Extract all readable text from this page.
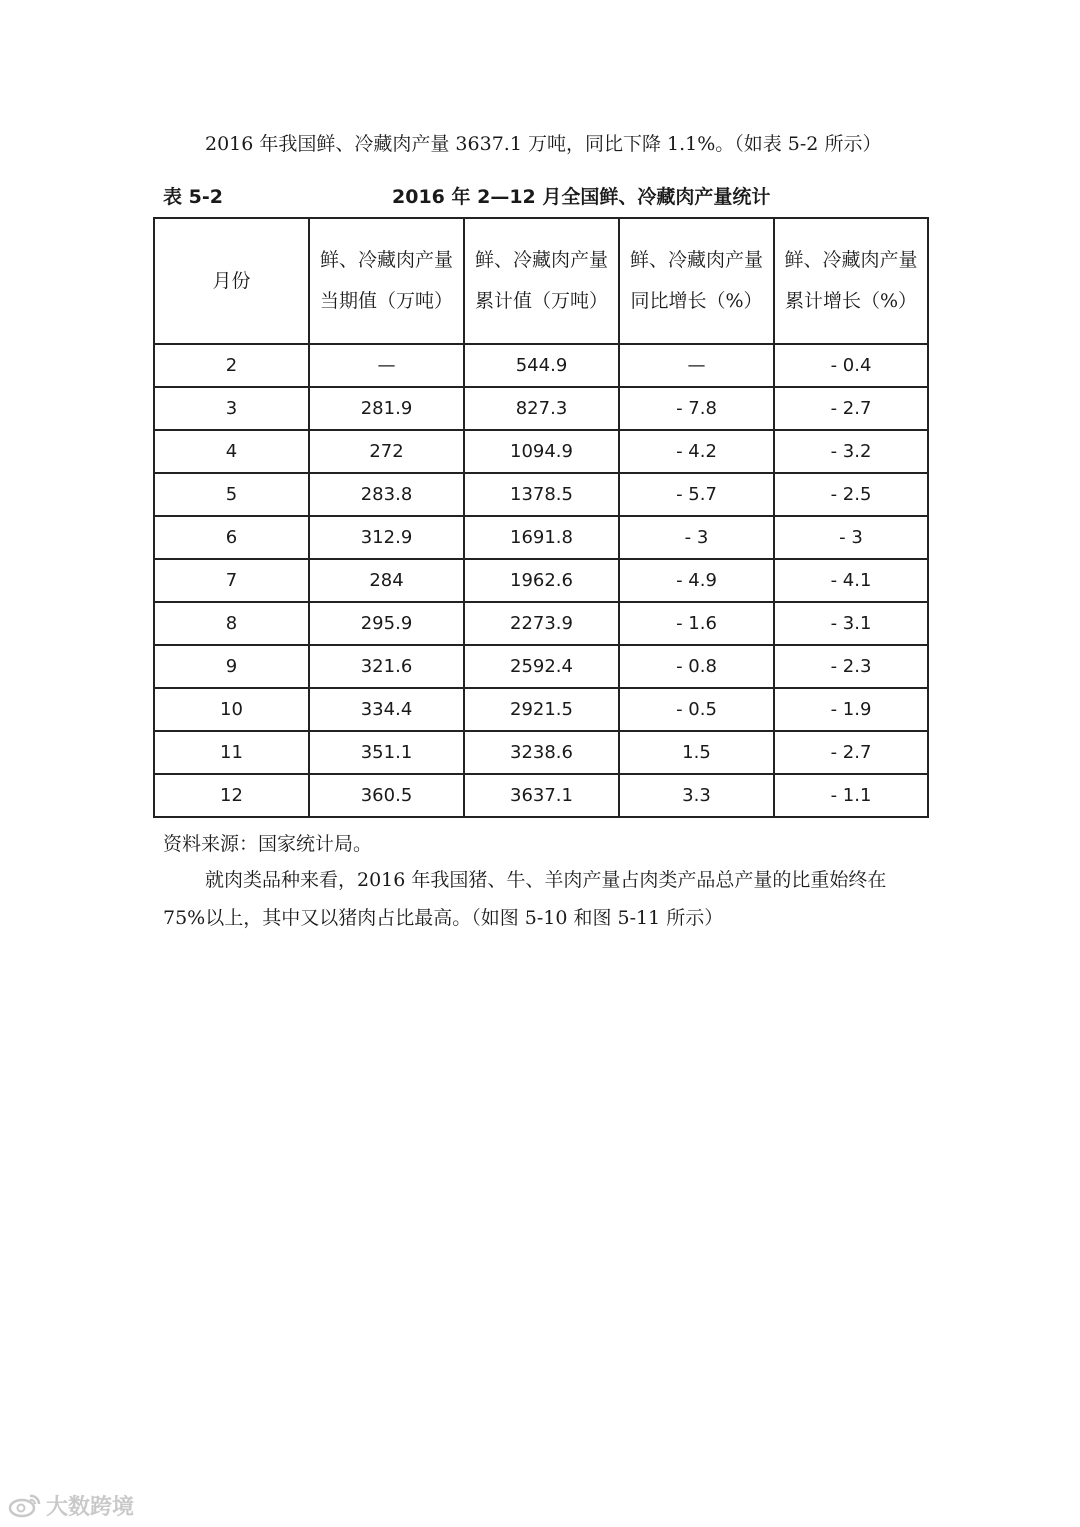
2016 年我国鲜、冷藏肉产量 3637.1 万吨，同比下降 1.1%。（如表 5-2 所示）

表 5-2	2016 年 2—12 月全国鲜、冷藏肉产量统计
月份	鲜、冷藏肉产量当期值（万吨）	鲜、冷藏肉产量累计值（万吨）	鲜、冷藏肉产量同比增长（%）	鲜、冷藏肉产量累计增长（%）
2	—	544.9	—	- 0.4
3	281.9	827.3	- 7.8	- 2.7
4	272	1094.9	- 4.2	- 3.2
5	283.8	1378.5	- 5.7	- 2.5
6	312.9	1691.8	- 3	- 3
7	284	1962.6	- 4.9	- 4.1
8	295.9	2273.9	- 1.6	- 3.1
9	321.6	2592.4	- 0.8	- 2.3
10	334.4	2921.5	- 0.5	- 1.9
11	351.1	3238.6	1.5	- 2.7
12	360.5	3637.1	3.3	- 1.1

资料来源：国家统计局。

就肉类品种来看，2016 年我国猪、牛、羊肉产量占肉类产品总产量的比重始终在 75%以上，其中又以猪肉占比最高。（如图 5-10 和图 5-11 所示）

大数跨境
